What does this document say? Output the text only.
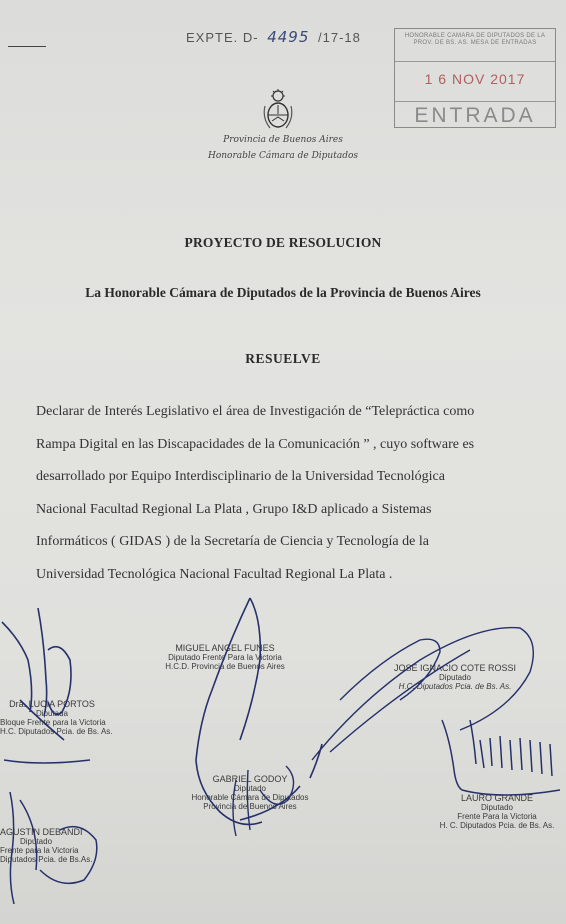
EXPTE. D- 4495 /17-18	HONORABLE CAMARA DE DIPUTADOS DE LA PROV. DE BS. AS. MESA DE ENTRADAS
1 6 NOV 2017
ENTRADA
Provincia de Buenos Aires
Honorable Cámara de Diputados
PROYECTO DE RESOLUCION
La Honorable Cámara de Diputados de la Provincia de Buenos Aires
RESUELVE
Declarar de Interés Legislativo el área de Investigación de “Telepráctica como
Rampa Digital en las Discapacidades de la Comunicación ” , cuyo software es
desarrollado por Equipo Interdisciplinario de la Universidad Tecnológica
Nacional Facultad Regional La Plata , Grupo I&D aplicado a Sistemas
Informáticos ( GIDAS ) de la Secretaría de Ciencia y Tecnología de la
Universidad Tecnológica Nacional Facultad Regional La Plata .
MIGUEL ANGEL FUNES
Diputado Frente Para la Victoria
H.C.D. Provincia de Buenos Aires	JOSE IGNACIO COTE ROSSI
Diputado
H.C. Diputados Pcia. de Bs. As.
Dra. LUCIA PORTOS
Diputada
Bloque Frente para la Victoria
H.C. Diputados Pcia. de Bs. As.
GABRIEL GODOY
Diputado
Honorable Cámara de Diputados
Provincia de Buenos Aires
LAURO GRANDE
Diputado
Frente Para la Victoria
H. C. Diputados Pcia. de Bs. As.
AGUSTIN DEBANDI
Diputado
Frente para la Victoria
Diputados Pcia. de Bs.As.
